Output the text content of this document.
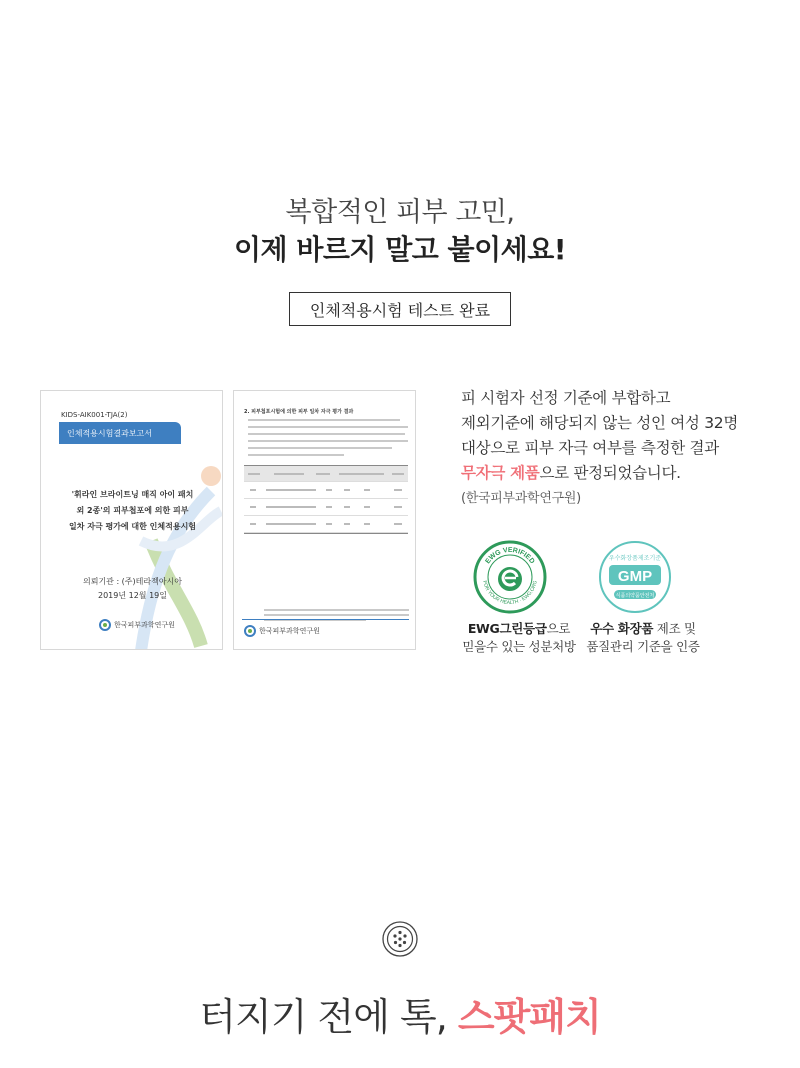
복합적인 피부 고민,
이제 바르지 말고 붙이세요!
인체적용시험 테스트 완료
KIDS-AIK001-TJA(2)
인체적용시험결과보고서
'휘라인 브라이트닝 매직 아이 패치
외 2종'의 피부첩포에 의한 피부
일차 자극 평가에 대한 인체적용시험
의뢰기관 : (주)테라젝아시아
2019년 12월 19일
한국피부과학연구원
2. 피부첩포시험에 의한 피부 일차 자극 평가 결과
한국피부과학연구원
피 시험자 선정 기준에 부합하고
제외기준에 해당되지 않는 성인 여성 32명
대상으로 피부 자극 여부를 측정한 결과
무자극 제품으로 판정되었습니다.
(한국피부과학연구원)
EWG VERIFIED
FOR YOUR HEALTH · EWG.ORG
우수화장품제조기준
GMP
식품의약품안전처
EWG그린등급으로
믿을수 있는 성분처방
우수 화장품 제조 및
품질관리 기준을 인증
터지기 전에 톡, 스팟패치
